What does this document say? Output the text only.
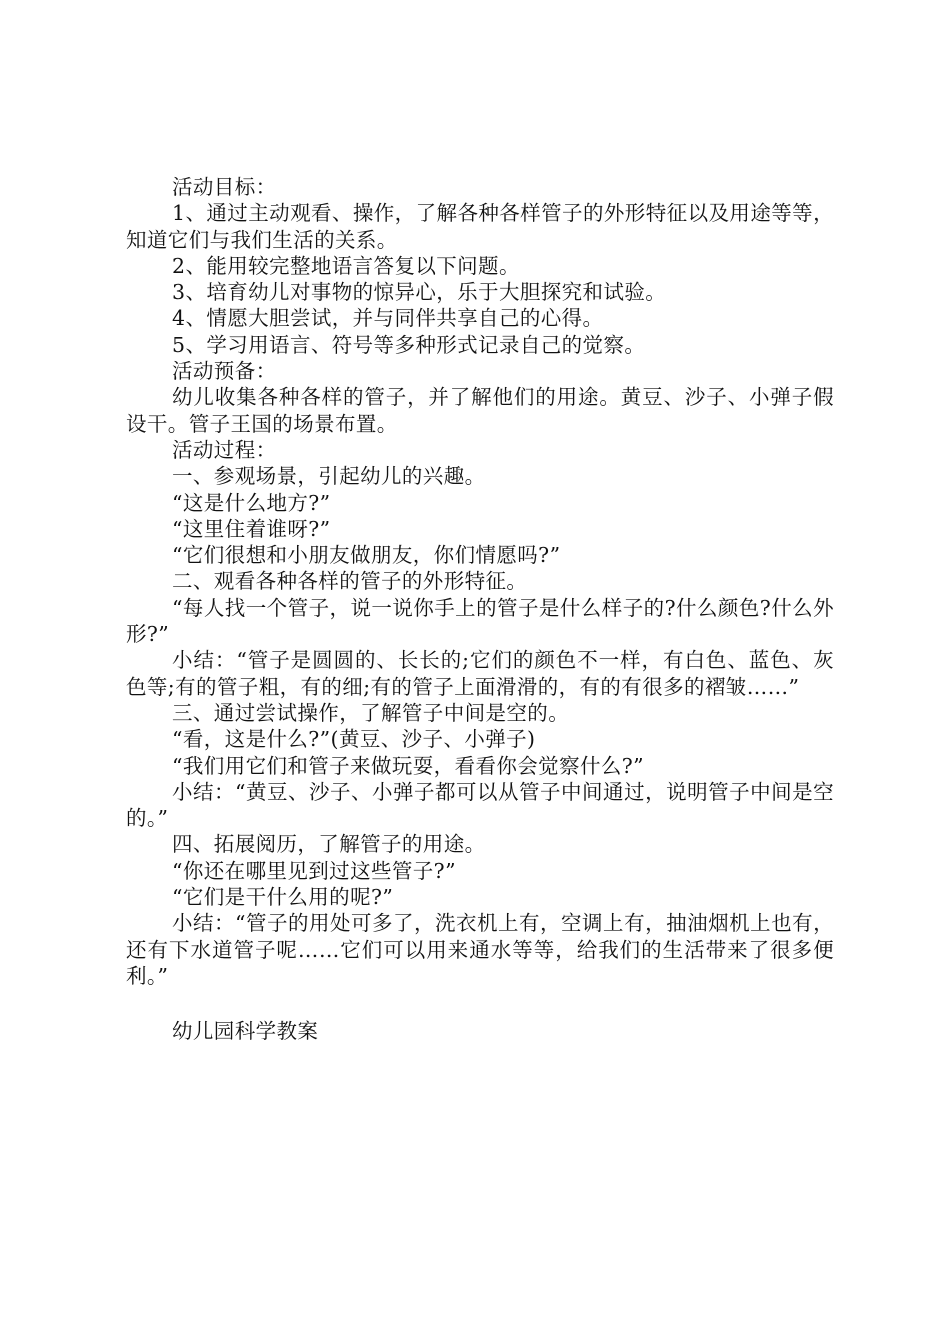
活动目标：

1、通过主动观看、操作，了解各种各样管子的外形特征以及用途等等，知道它们与我们生活的关系。

2、能用较完整地语言答复以下问题。

3、培育幼儿对事物的惊异心，乐于大胆探究和试验。

4、情愿大胆尝试，并与同伴共享自己的心得。

5、学习用语言、符号等多种形式记录自己的觉察。

活动预备：

幼儿收集各种各样的管子，并了解他们的用途。黄豆、沙子、小弹子假设干。管子王国的场景布置。

活动过程：

一、参观场景，引起幼儿的兴趣。

“这是什么地方?”

“这里住着谁呀?”

“它们很想和小朋友做朋友，你们情愿吗?”

二、观看各种各样的管子的外形特征。

“每人找一个管子，说一说你手上的管子是什么样子的?什么颜色?什么外形?”

小结：“管子是圆圆的、长长的;它们的颜色不一样，有白色、蓝色、灰色等;有的管子粗，有的细;有的管子上面滑滑的，有的有很多的褶皱……”

三、通过尝试操作，了解管子中间是空的。

“看，这是什么?”(黄豆、沙子、小弹子)

“我们用它们和管子来做玩耍，看看你会觉察什么?”

小结：“黄豆、沙子、小弹子都可以从管子中间通过，说明管子中间是空的。”

四、拓展阅历，了解管子的用途。

“你还在哪里见到过这些管子?”

“它们是干什么用的呢?”

小结：“管子的用处可多了，洗衣机上有，空调上有，抽油烟机上也有，还有下水道管子呢……它们可以用来通水等等，给我们的生活带来了很多便利。”

幼儿园科学教案
